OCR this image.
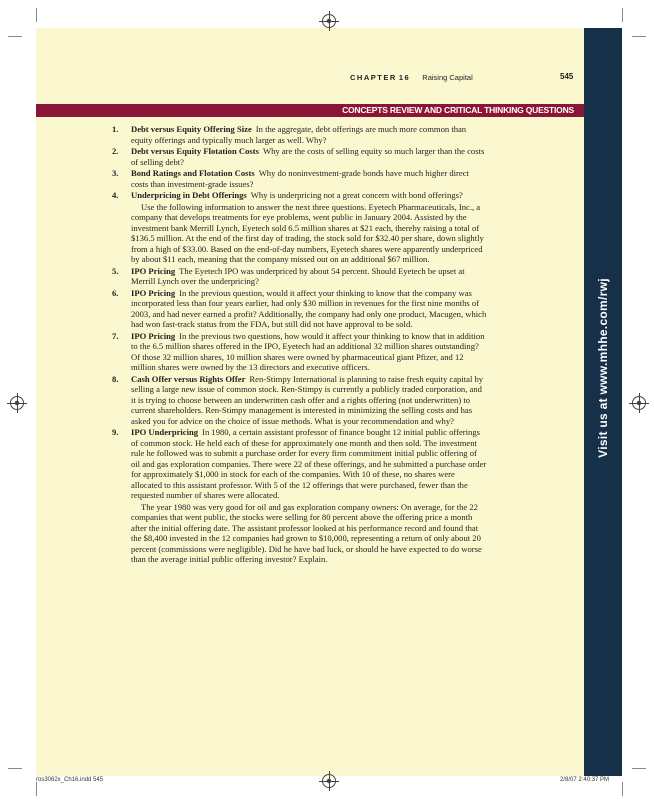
Visit us at www.mhhe.com/rwj
CHAPTER 16 Raising Capital	545
CONCEPTS REVIEW AND CRITICAL THINKING QUESTIONS
1. Debt versus Equity Offering Size In the aggregate, debt offerings are much more common than equity offerings and typically much larger as well. Why?
2. Debt versus Equity Flotation Costs Why are the costs of selling equity so much larger than the costs of selling debt?
3. Bond Ratings and Flotation Costs Why do noninvestment-grade bonds have much higher direct costs than investment-grade issues?
4. Underpricing in Debt Offerings Why is underpricing not a great concern with bond offerings?
Use the following information to answer the next three questions. Eyetech Pharmaceuticals, Inc., a company that develops treatments for eye problems, went public in January 2004. Assisted by the investment bank Merrill Lynch, Eyetech sold 6.5 million shares at $21 each, thereby raising a total of $136.5 million. At the end of the first day of trading, the stock sold for $32.40 per share, down slightly from a high of $33.00. Based on the end-of-day numbers, Eyetech shares were apparently underpriced by about $11 each, meaning that the company missed out on an additional $67 million.
5. IPO Pricing The Eyetech IPO was underpriced by about 54 percent. Should Eyetech be upset at Merrill Lynch over the underpricing?
6. IPO Pricing In the previous question, would it affect your thinking to know that the company was incorporated less than four years earlier, had only $30 million in revenues for the first nine months of 2003, and had never earned a profit? Additionally, the company had only one product, Macugen, which had won fast-track status from the FDA, but still did not have approval to be sold.
7. IPO Pricing In the previous two questions, how would it affect your thinking to know that in addition to the 6.5 million shares offered in the IPO, Eyetech had an additional 32 million shares outstanding? Of those 32 million shares, 10 million shares were owned by pharmaceutical giant Pfizer, and 12 million shares were owned by the 13 directors and executive officers.
8. Cash Offer versus Rights Offer Ren-Stimpy International is planning to raise fresh equity capital by selling a large new issue of common stock. Ren-Stimpy is currently a publicly traded corporation, and it is trying to choose between an underwritten cash offer and a rights offering (not underwritten) to current shareholders. Ren-Stimpy management is interested in minimizing the selling costs and has asked you for advice on the choice of issue methods. What is your recommendation and why?
9. IPO Underpricing In 1980, a certain assistant professor of finance bought 12 initial public offerings of common stock. He held each of these for approximately one month and then sold. The investment rule he followed was to submit a purchase order for every firm commitment initial public offering of oil and gas exploration companies. There were 22 of these offerings, and he submitted a purchase order for approximately $1,000 in stock for each of the companies. With 10 of these, no shares were allocated to this assistant professor. With 5 of the 12 offerings that were purchased, fewer than the requested number of shares were allocated.
The year 1980 was very good for oil and gas exploration company owners: On average, for the 22 companies that went public, the stocks were selling for 80 percent above the offering price a month after the initial offering date. The assistant professor looked at his performance record and found that the $8,400 invested in the 12 companies had grown to $10,000, representing a return of only about 20 percent (commissions were negligible). Did he have bad luck, or should he have expected to do worse than the average initial public offering investor? Explain.
ros3062x_Ch16.indd 545	2/8/07 2:40:37 PM
